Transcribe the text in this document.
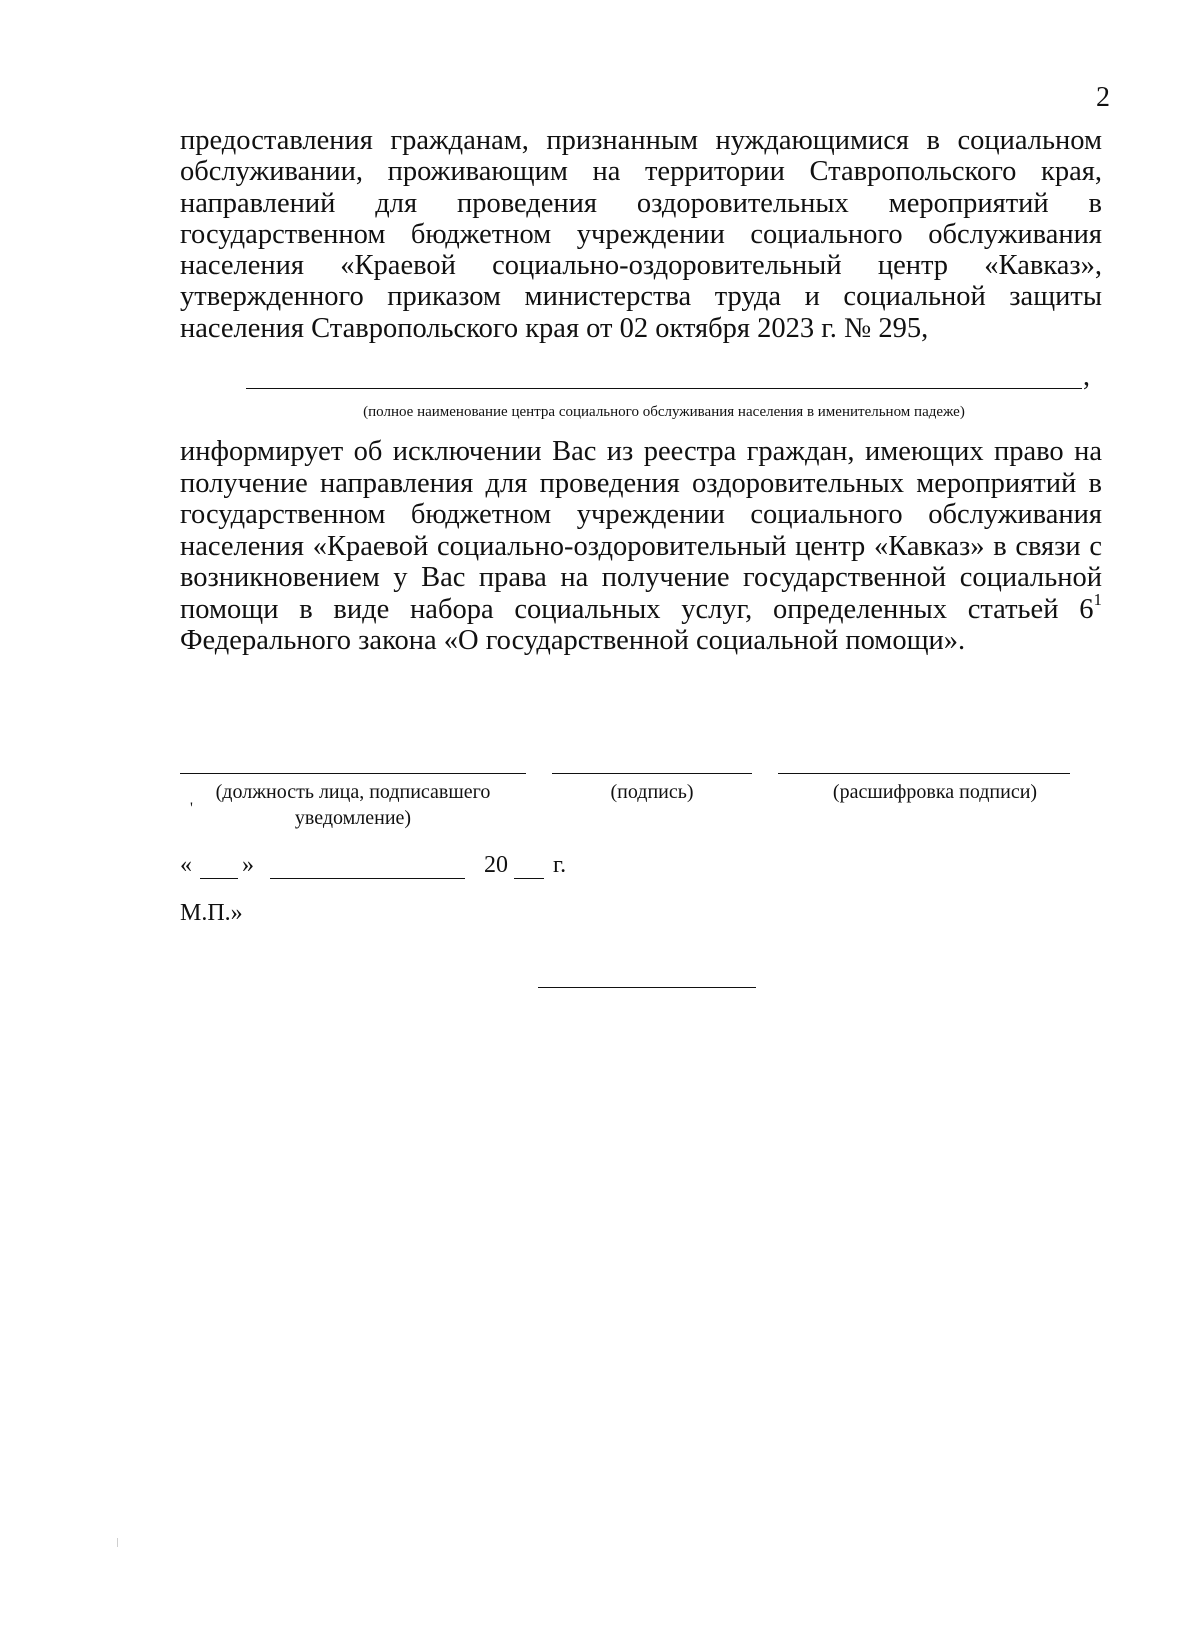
2
предоставления гражданам, признанным нуждающимися в социальном обслуживании, проживающим на территории Ставропольского края, направлений для проведения оздоровительных мероприятий в государственном бюджетном учреждении социального обслуживания населения «Краевой социально-оздоровительный центр «Кавказ», утвержденного приказом министерства труда и социальной защиты населения Ставропольского края от 02 октября 2023 г. № 295,
,
(полное наименование центра социального обслуживания населения в именительном падеже)
информирует об исключении Вас из реестра граждан, имеющих право на получение направления для проведения оздоровительных мероприятий в государственном бюджетном учреждении социального обслуживания населения «Краевой социально-оздоровительный центр «Кавказ» в связи с возникновением у Вас права на получение государственной социальной помощи в виде набора социальных услуг, определенных статьей $6^1$ Федерального закона «О государственной социальной помощи».
(должность лица, подписавшего
уведомление)
(подпись)	(расшифровка подписи)
'
« »	20 г.
М.П.»
